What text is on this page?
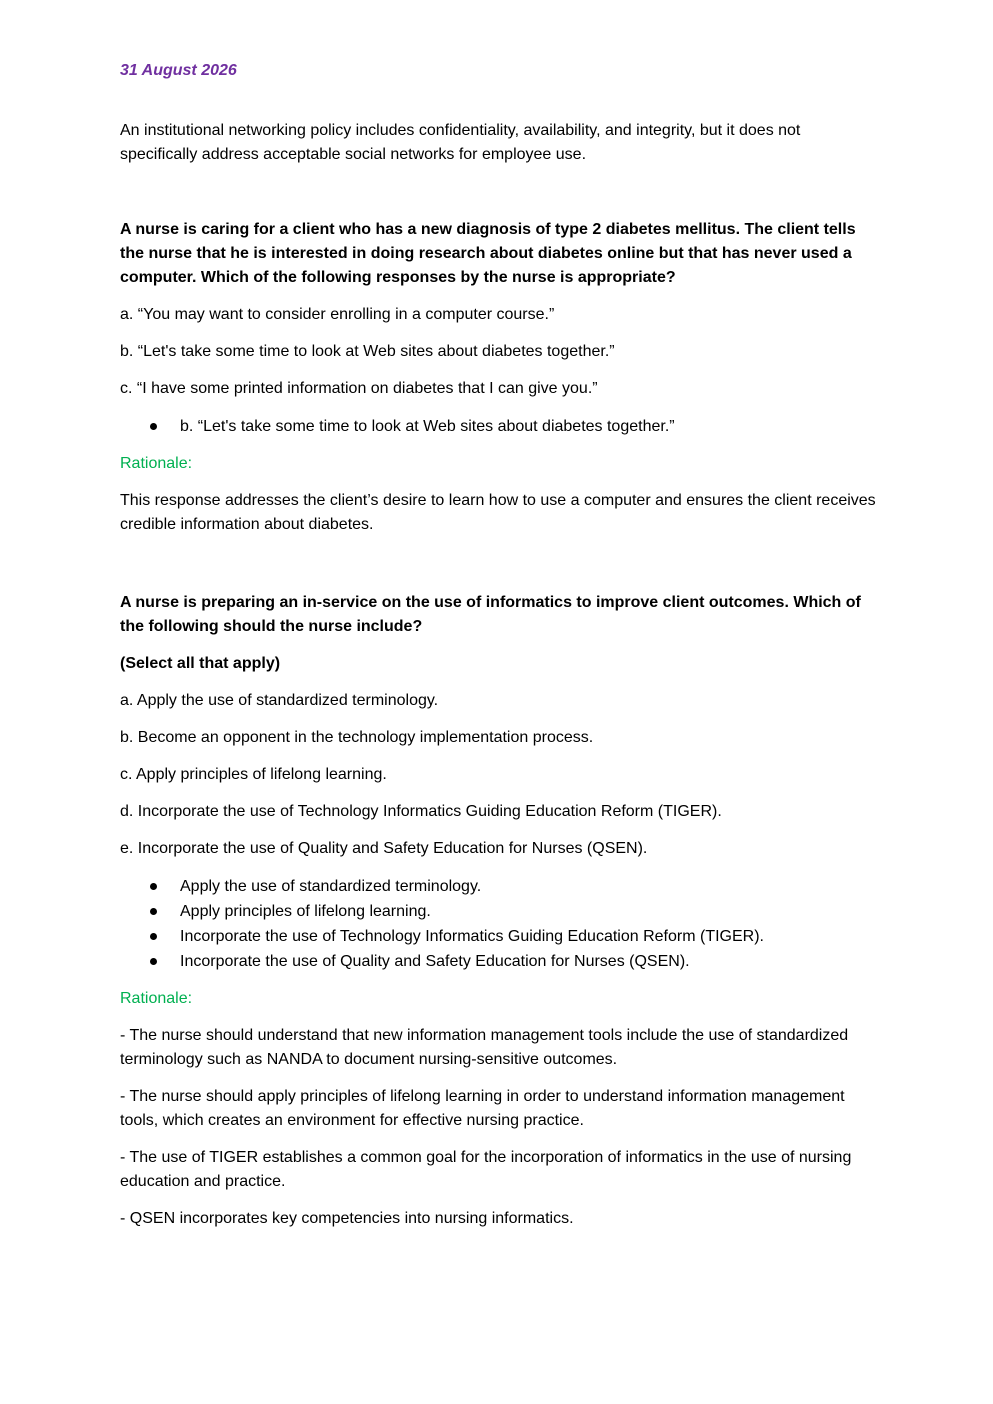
31 August 2026

An institutional networking policy includes confidentiality, availability, and integrity, but it does not specifically address acceptable social networks for employee use.

A nurse is caring for a client who has a new diagnosis of type 2 diabetes mellitus. The client tells the nurse that he is interested in doing research about diabetes online but that has never used a computer. Which of the following responses by the nurse is appropriate?

a. “You may want to consider enrolling in a computer course.”

b. “Let's take some time to look at Web sites about diabetes together.”

c. “I have some printed information on diabetes that I can give you.”

b. “Let's take some time to look at Web sites about diabetes together.”

Rationale:

This response addresses the client’s desire to learn how to use a computer and ensures the client receives credible information about diabetes.

A nurse is preparing an in-service on the use of informatics to improve client outcomes. Which of the following should the nurse include?

(Select all that apply)

a. Apply the use of standardized terminology.

b. Become an opponent in the technology implementation process.

c. Apply principles of lifelong learning.

d. Incorporate the use of Technology Informatics Guiding Education Reform (TIGER).

e. Incorporate the use of Quality and Safety Education for Nurses (QSEN).

Apply the use of standardized terminology.
Apply principles of lifelong learning.
Incorporate the use of Technology Informatics Guiding Education Reform (TIGER).
Incorporate the use of Quality and Safety Education for Nurses (QSEN).

Rationale:

- The nurse should understand that new information management tools include the use of standardized terminology such as NANDA to document nursing-sensitive outcomes.

- The nurse should apply principles of lifelong learning in order to understand information management tools, which creates an environment for effective nursing practice.

- The use of TIGER establishes a common goal for the incorporation of informatics in the use of nursing education and practice.

- QSEN incorporates key competencies into nursing informatics.
